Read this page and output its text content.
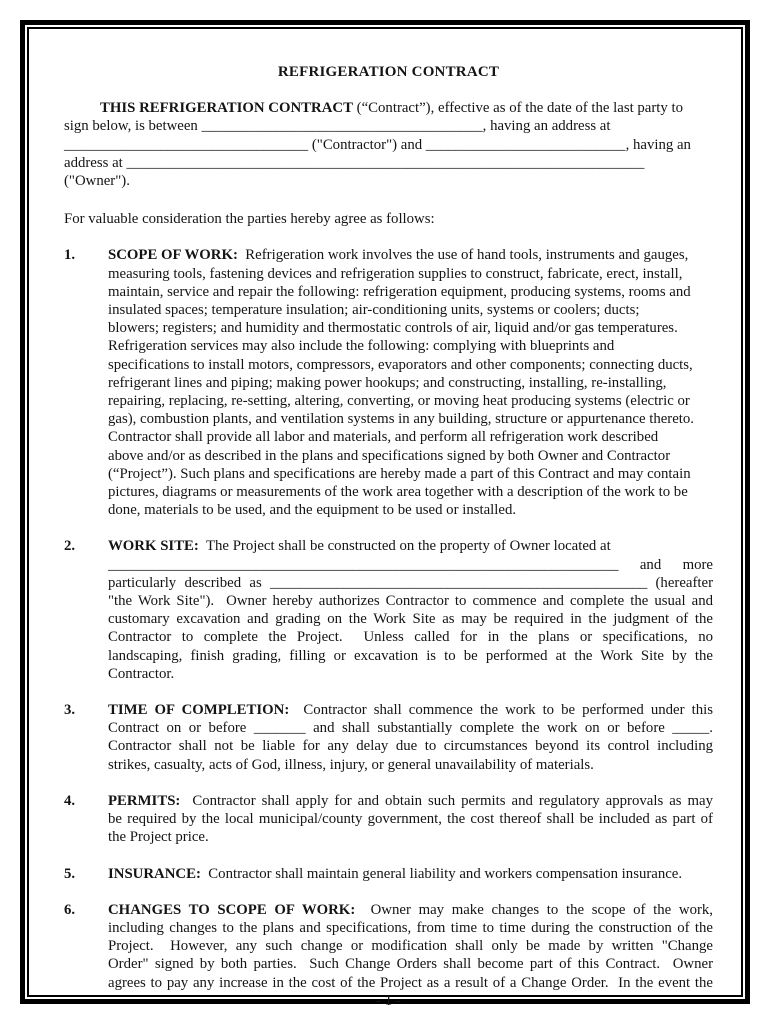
REFRIGERATION CONTRACT
THIS REFRIGERATION CONTRACT (“Contract”), effective as of the date of the last party to
sign below, is between ______________________________________, having an address at
_________________________________ ("Contractor") and ___________________________, having an
address at ______________________________________________________________________ ("Owner").
For valuable consideration the parties hereby agree as follows:
1.	SCOPE OF WORK:  Refrigeration work involves the use of hand tools, instruments and gauges,
measuring tools, fastening devices and refrigeration supplies to construct, fabricate, erect, install,
maintain, service and repair the following: refrigeration equipment, producing systems, rooms and
insulated spaces; temperature insulation; air-conditioning units, systems or coolers; ducts;
blowers; registers; and humidity and thermostatic controls of air, liquid and/or gas temperatures.
Refrigeration services may also include the following: complying with blueprints and
specifications to install motors, compressors, evaporators and other components; connecting ducts,
refrigerant lines and piping; making power hookups; and constructing, installing, re-installing,
repairing, replacing, re-setting, altering, converting, or moving heat producing systems (electric or
gas), combustion plants, and ventilation systems in any building, structure or appurtenance thereto.
Contractor shall provide all labor and materials, and perform all refrigeration work described
above and/or as described in the plans and specifications signed by both Owner and Contractor
(“Project”). Such plans and specifications are hereby made a part of this Contract and may contain
pictures, diagrams or measurements of the work area together with a description of the work to be
done, materials to be used, and the equipment to be used or installed.
2.	WORK SITE:  The Project shall be constructed on the property of Owner located at
_____________________________________________________________________ and more
particularly described as ___________________________________________________ (hereafter
"the Work Site").  Owner hereby authorizes Contractor to commence and complete the usual and
customary excavation and grading on the Work Site as may be required in the judgment of the
Contractor to complete the Project.  Unless called for in the plans or specifications, no
landscaping, finish grading, filling or excavation is to be performed at the Work Site by the
Contractor.
3.	TIME OF COMPLETION:  Contractor shall commence the work to be performed under this
Contract on or before _______ and shall substantially complete the work on or before _____.
Contractor shall not be liable for any delay due to circumstances beyond its control including
strikes, casualty, acts of God, illness, injury, or general unavailability of materials.
4.	PERMITS:  Contractor shall apply for and obtain such permits and regulatory approvals as may
be required by the local municipal/county government, the cost thereof shall be included as part of
the Project price.
5.	INSURANCE:  Contractor shall maintain general liability and workers compensation insurance.
6.	CHANGES TO SCOPE OF WORK:  Owner may make changes to the scope of the work,
including changes to the plans and specifications, from time to time during the construction of the
Project.  However, any such change or modification shall only be made by written "Change
Order" signed by both parties.  Such Change Orders shall become part of this Contract.  Owner
agrees to pay any increase in the cost of the Project as a result of a Change Order.  In the event the
- 1 -
